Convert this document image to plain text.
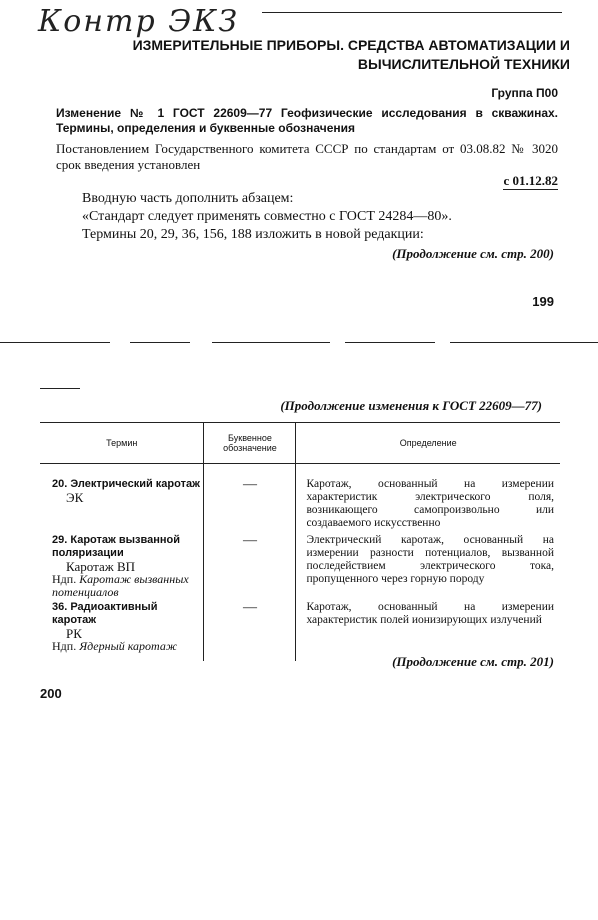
Контр ЭКЗ
ИЗМЕРИТЕЛЬНЫЕ ПРИБОРЫ. СРЕДСТВА АВТОМАТИЗАЦИИ И
ВЫЧИСЛИТЕЛЬНОЙ ТЕХНИКИ
Группа П00
Изменение № 1 ГОСТ 22609—77 Геофизические исследования в скважинах. Термины, определения и буквенные обозначения
Постановлением Государственного комитета СССР по стандартам от 03.08.82 № 3020 срок введения установлен
с 01.12.82
Вводную часть дополнить абзацем:
«Стандарт следует применять совместно с ГОСТ 24284—80».
Термины 20, 29, 36, 156, 188 изложить в новой редакции:
(Продолжение см. стр. 200)
199
(Продолжение изменения к ГОСТ 22609—77)
Термин	Буквенное обозначение	Определение

20. Электрический каротаж
ЭК	—	Каротаж, основанный на измерении характеристик электрического поля, возникающего самопроизвольно или создаваемого искусственно

29. Каротаж вызванной поляризации
Каротаж ВП
Ндп. Каротаж вызванных потенциалов	—	Электрический каротаж, основанный на измерении разности потенциалов, вызванной последействием электрического тока, пропущенного через горную породу

36. Радиоактивный каротаж
РК
Ндп. Ядерный каротаж	—	Каротаж, основанный на измерении характеристик полей ионизирующих излучений
(Продолжение см. стр. 201)
200
